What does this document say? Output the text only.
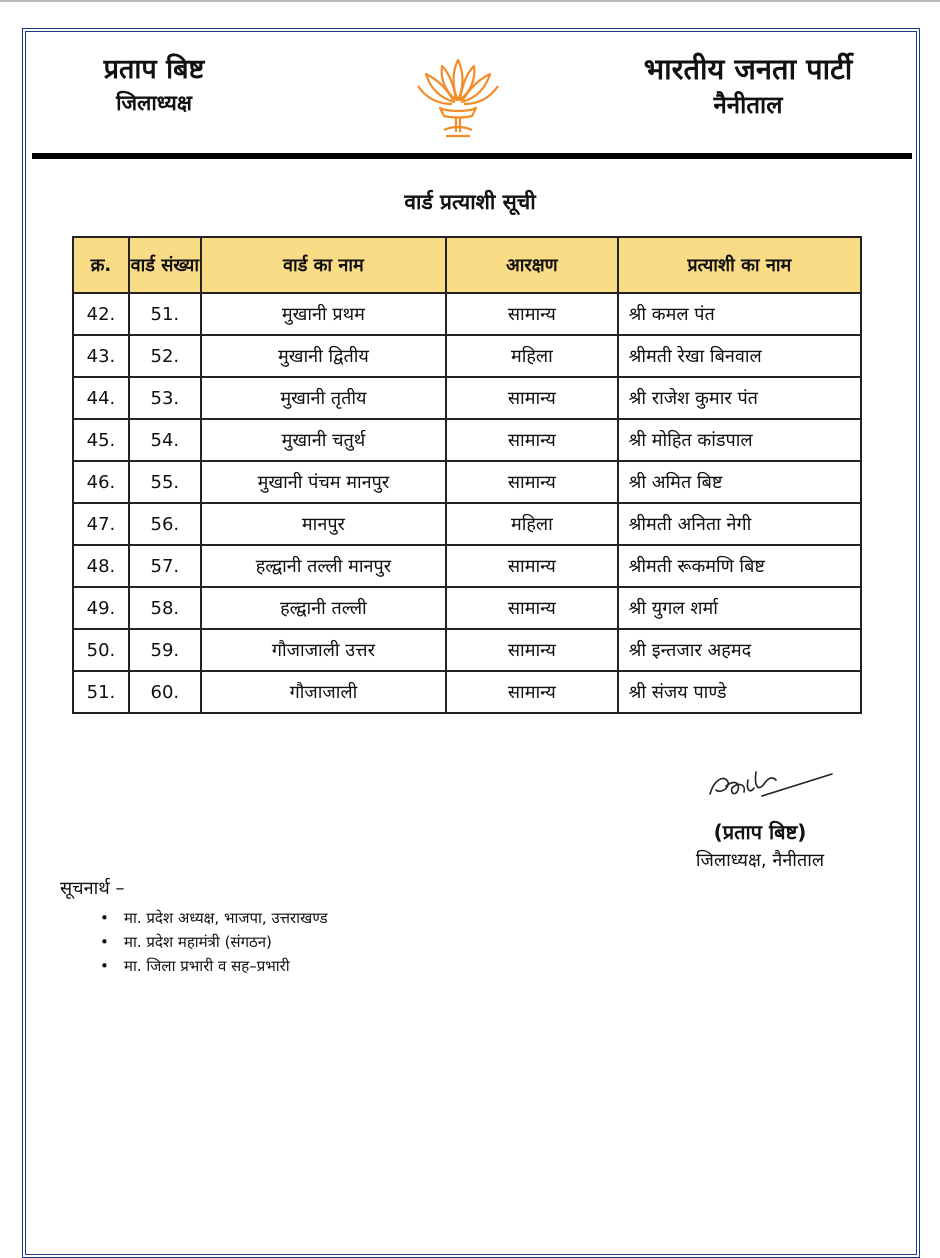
प्रताप बिष्ट
जिलाध्यक्ष
भारतीय जनता पार्टी
नैनीताल
वार्ड प्रत्याशी सूची
क्र.	वार्ड संख्या	वार्ड का नाम	आरक्षण	प्रत्याशी का नाम
42.	51.	मुखानी प्रथम	सामान्य	श्री कमल पंत
43.	52.	मुखानी द्वितीय	महिला	श्रीमती रेखा बिनवाल
44.	53.	मुखानी तृतीय	सामान्य	श्री राजेश कुमार पंत
45.	54.	मुखानी चतुर्थ	सामान्य	श्री मोहित कांडपाल
46.	55.	मुखानी पंचम मानपुर	सामान्य	श्री अमित बिष्ट
47.	56.	मानपुर	महिला	श्रीमती अनिता नेगी
48.	57.	हल्द्वानी तल्ली मानपुर	सामान्य	श्रीमती रूकमणि बिष्ट
49.	58.	हल्द्वानी तल्ली	सामान्य	श्री युगल शर्मा
50.	59.	गौजाजाली उत्तर	सामान्य	श्री इन्तजार अहमद
51.	60.	गौजाजाली	सामान्य	श्री संजय पाण्डे
(प्रताप बिष्ट)
जिलाध्यक्ष, नैनीताल
सूचनार्थ –
• मा. प्रदेश अध्यक्ष, भाजपा, उत्तराखण्ड
• मा. प्रदेश महामंत्री (संगठन)
• मा. जिला प्रभारी व सह–प्रभारी
